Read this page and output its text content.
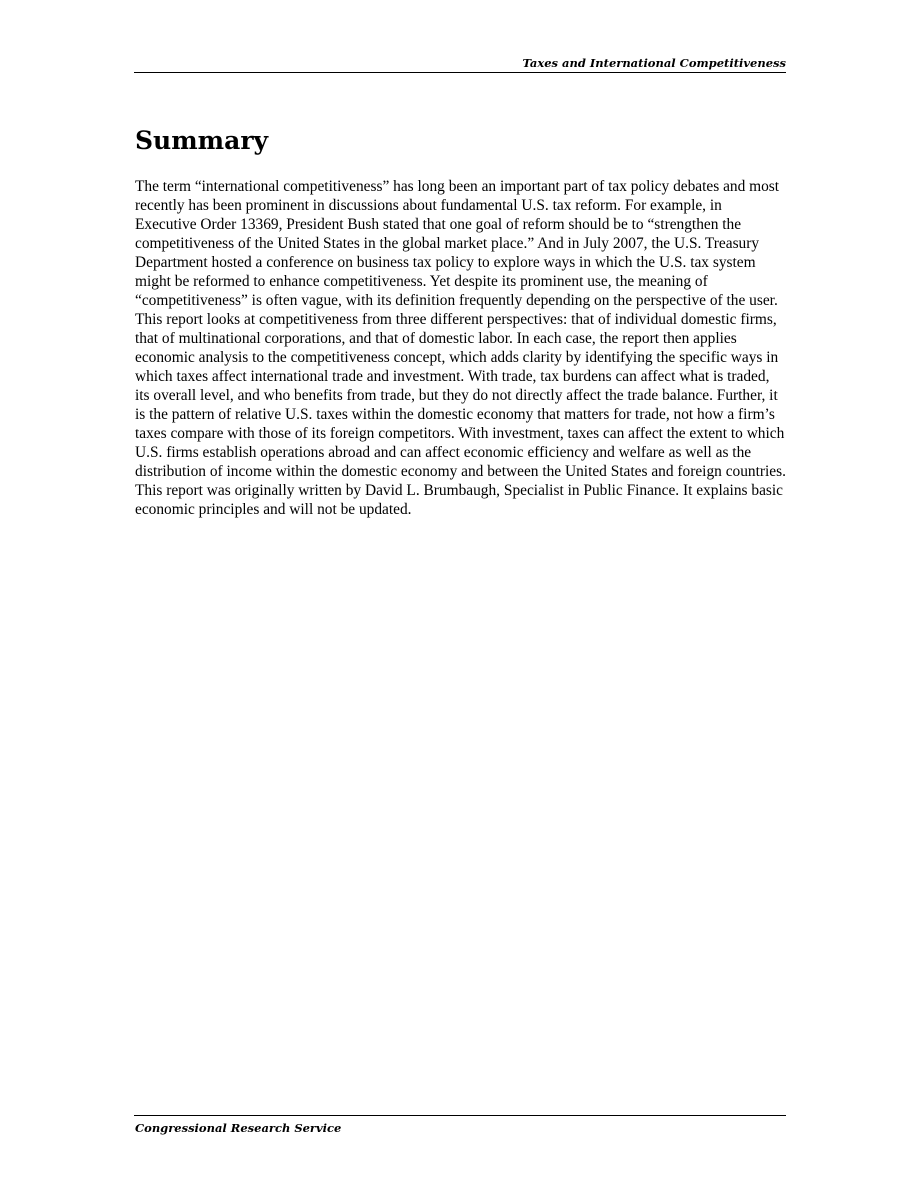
Taxes and International Competitiveness
Summary

The term “international competitiveness” has long been an important part of tax policy debates and most recently has been prominent in discussions about fundamental U.S. tax reform. For example, in Executive Order 13369, President Bush stated that one goal of reform should be to “strengthen the competitiveness of the United States in the global market place.” And in July 2007, the U.S. Treasury Department hosted a conference on business tax policy to explore ways in which the U.S. tax system might be reformed to enhance competitiveness. Yet despite its prominent use, the meaning of “competitiveness” is often vague, with its definition frequently depending on the perspective of the user. This report looks at competitiveness from three different perspectives: that of individual domestic firms, that of multinational corporations, and that of domestic labor. In each case, the report then applies economic analysis to the competitiveness concept, which adds clarity by identifying the specific ways in which taxes affect international trade and investment. With trade, tax burdens can affect what is traded, its overall level, and who benefits from trade, but they do not directly affect the trade balance. Further, it is the pattern of relative U.S. taxes within the domestic economy that matters for trade, not how a firm’s taxes compare with those of its foreign competitors. With investment, taxes can affect the extent to which U.S. firms establish operations abroad and can affect economic efficiency and welfare as well as the distribution of income within the domestic economy and between the United States and foreign countries. This report was originally written by David L. Brumbaugh, Specialist in Public Finance. It explains basic economic principles and will not be updated.

Congressional Research Service
